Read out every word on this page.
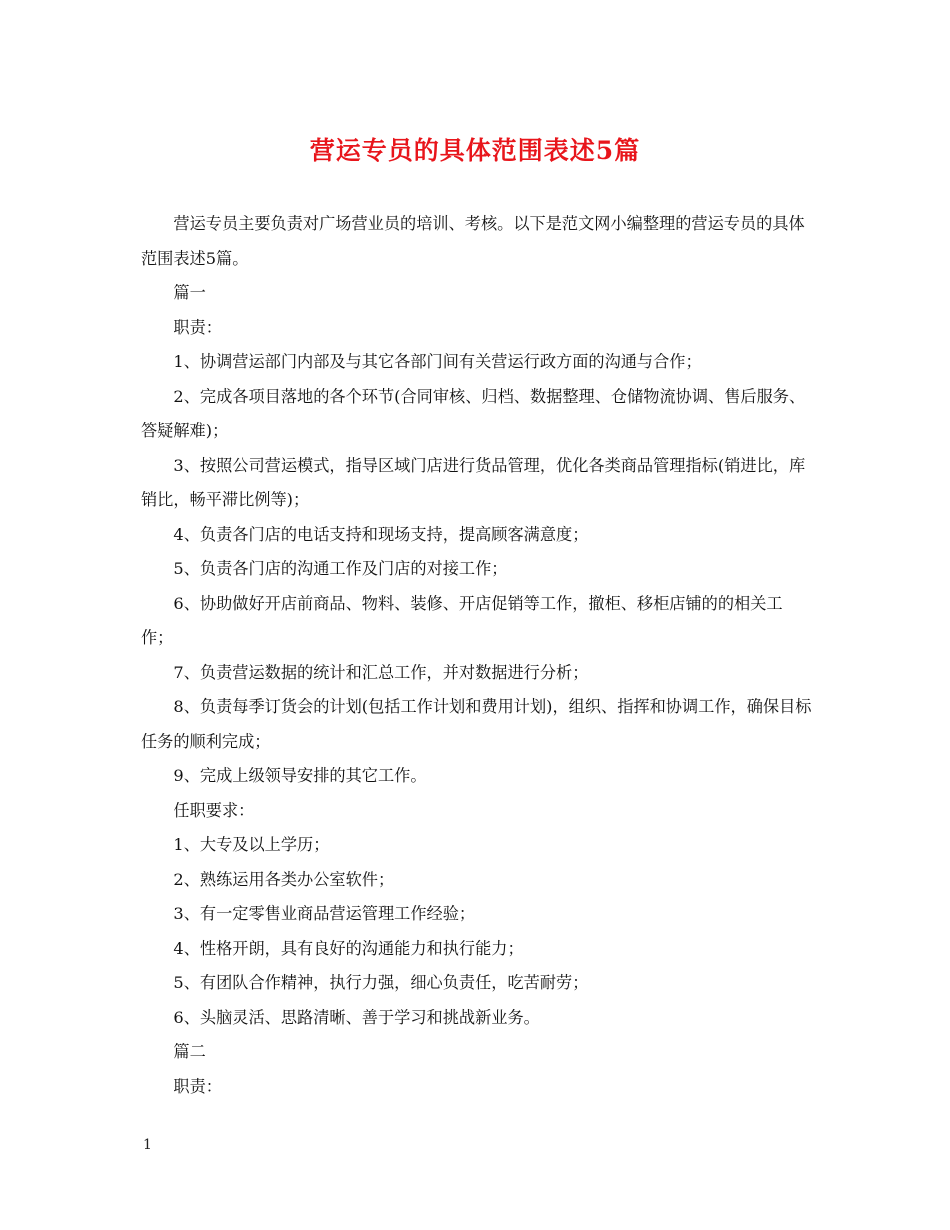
营运专员的具体范围表述5篇

营运专员主要负责对广场营业员的培训、考核。以下是范文网小编整理的营运专员的具体范围表述5篇。

篇一

职责：

1、协调营运部门内部及与其它各部门间有关营运行政方面的沟通与合作；

2、完成各项目落地的各个环节(合同审核、归档、数据整理、仓储物流协调、售后服务、答疑解难)；

3、按照公司营运模式，指导区域门店进行货品管理，优化各类商品管理指标(销进比，库销比，畅平滞比例等)；

4、负责各门店的电话支持和现场支持，提高顾客满意度；

5、负责各门店的沟通工作及门店的对接工作；

6、协助做好开店前商品、物料、装修、开店促销等工作，撤柜、移柜店铺的的相关工作；

7、负责营运数据的统计和汇总工作，并对数据进行分析；

8、负责每季订货会的计划(包括工作计划和费用计划)，组织、指挥和协调工作，确保目标任务的顺利完成；

9、完成上级领导安排的其它工作。

任职要求：

1、大专及以上学历；

2、熟练运用各类办公室软件；

3、有一定零售业商品营运管理工作经验；

4、性格开朗，具有良好的沟通能力和执行能力；

5、有团队合作精神，执行力强，细心负责任，吃苦耐劳；

6、头脑灵活、思路清晰、善于学习和挑战新业务。

篇二

职责：

1
